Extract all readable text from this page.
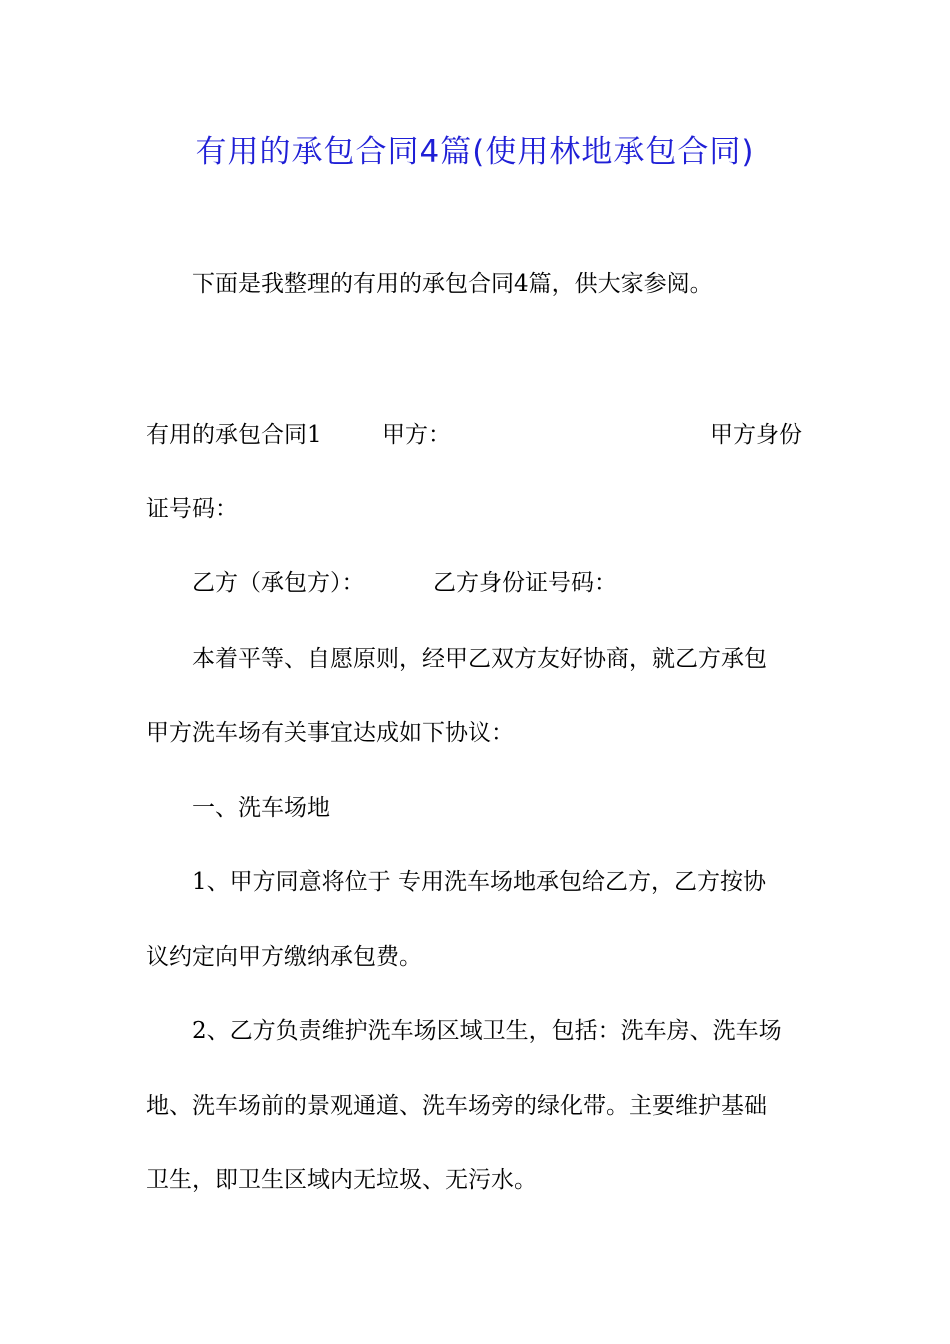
有用的承包合同4篇(使用林地承包合同)

下面是我整理的有用的承包合同4篇，供大家参阅。

有用的承包合同1	甲方：	甲方身份

证号码：

乙方（承包方）：	乙方身份证号码：

本着平等、自愿原则，经甲乙双方友好协商，就乙方承包

甲方洗车场有关事宜达成如下协议：

一、洗车场地

1、甲方同意将位于 专用洗车场地承包给乙方，乙方按协

议约定向甲方缴纳承包费。

2、乙方负责维护洗车场区域卫生，包括：洗车房、洗车场

地、洗车场前的景观通道、洗车场旁的绿化带。主要维护基础

卫生，即卫生区域内无垃圾、无污水。
